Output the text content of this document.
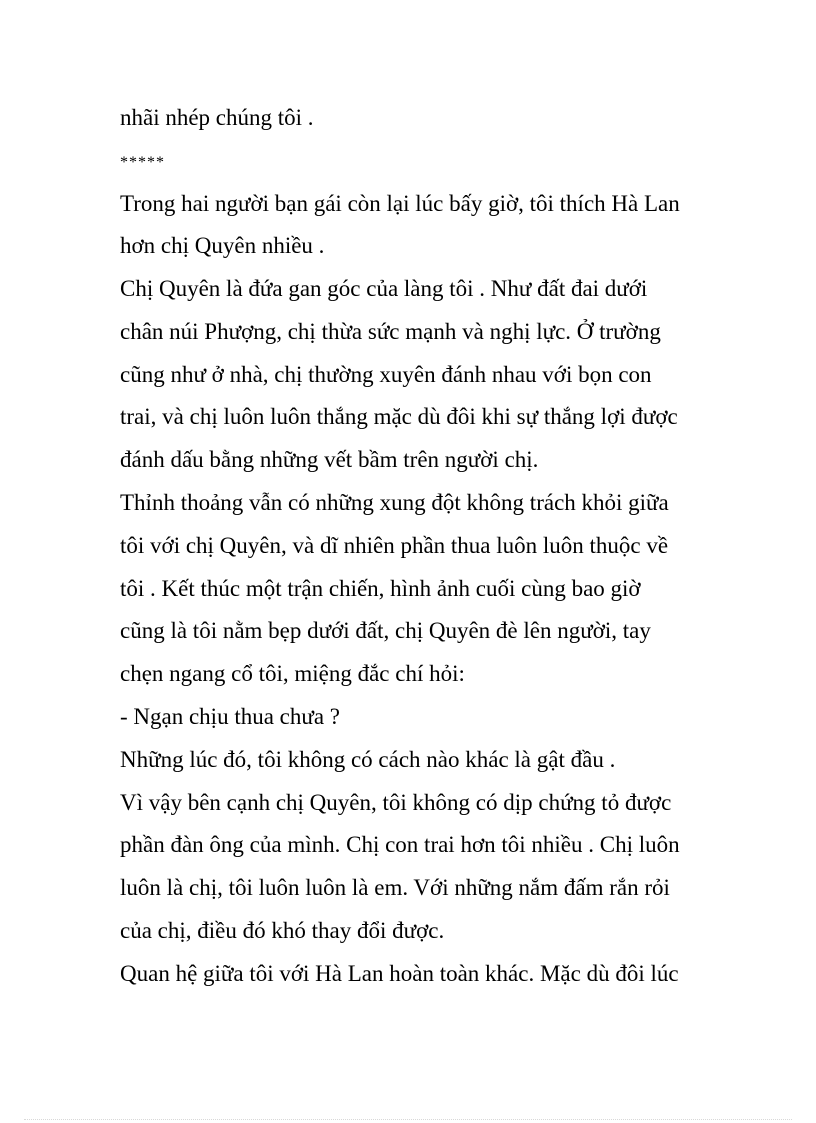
nhãi nhép chúng tôi .
*****
Trong hai người bạn gái còn lại lúc bấy giờ, tôi thích Hà Lan
hơn chị Quyên nhiều .
Chị Quyên là đứa gan góc của làng tôi . Như đất đai dưới
chân núi Phượng, chị thừa sức mạnh và nghị lực. Ở trường
cũng như ở nhà, chị thường xuyên đánh nhau với bọn con
trai, và chị luôn luôn thắng mặc dù đôi khi sự thắng lợi được
đánh dấu bằng những vết bầm trên người chị.
Thỉnh thoảng vẫn có những xung đột không trách khỏi giữa
tôi với chị Quyên, và dĩ nhiên phần thua luôn luôn thuộc về
tôi . Kết thúc một trận chiến, hình ảnh cuối cùng bao giờ
cũng là tôi nằm bẹp dưới đất, chị Quyên đè lên người, tay
chẹn ngang cổ tôi, miệng đắc chí hỏi:
- Ngạn chịu thua chưa ?
Những lúc đó, tôi không có cách nào khác là gật đầu .
Vì vậy bên cạnh chị Quyên, tôi không có dịp chứng tỏ được
phần đàn ông của mình. Chị con trai hơn tôi nhiều . Chị luôn
luôn là chị, tôi luôn luôn là em. Với những nắm đấm rắn rỏi
của chị, điều đó khó thay đổi được.
Quan hệ giữa tôi với Hà Lan hoàn toàn khác. Mặc dù đôi lúc
